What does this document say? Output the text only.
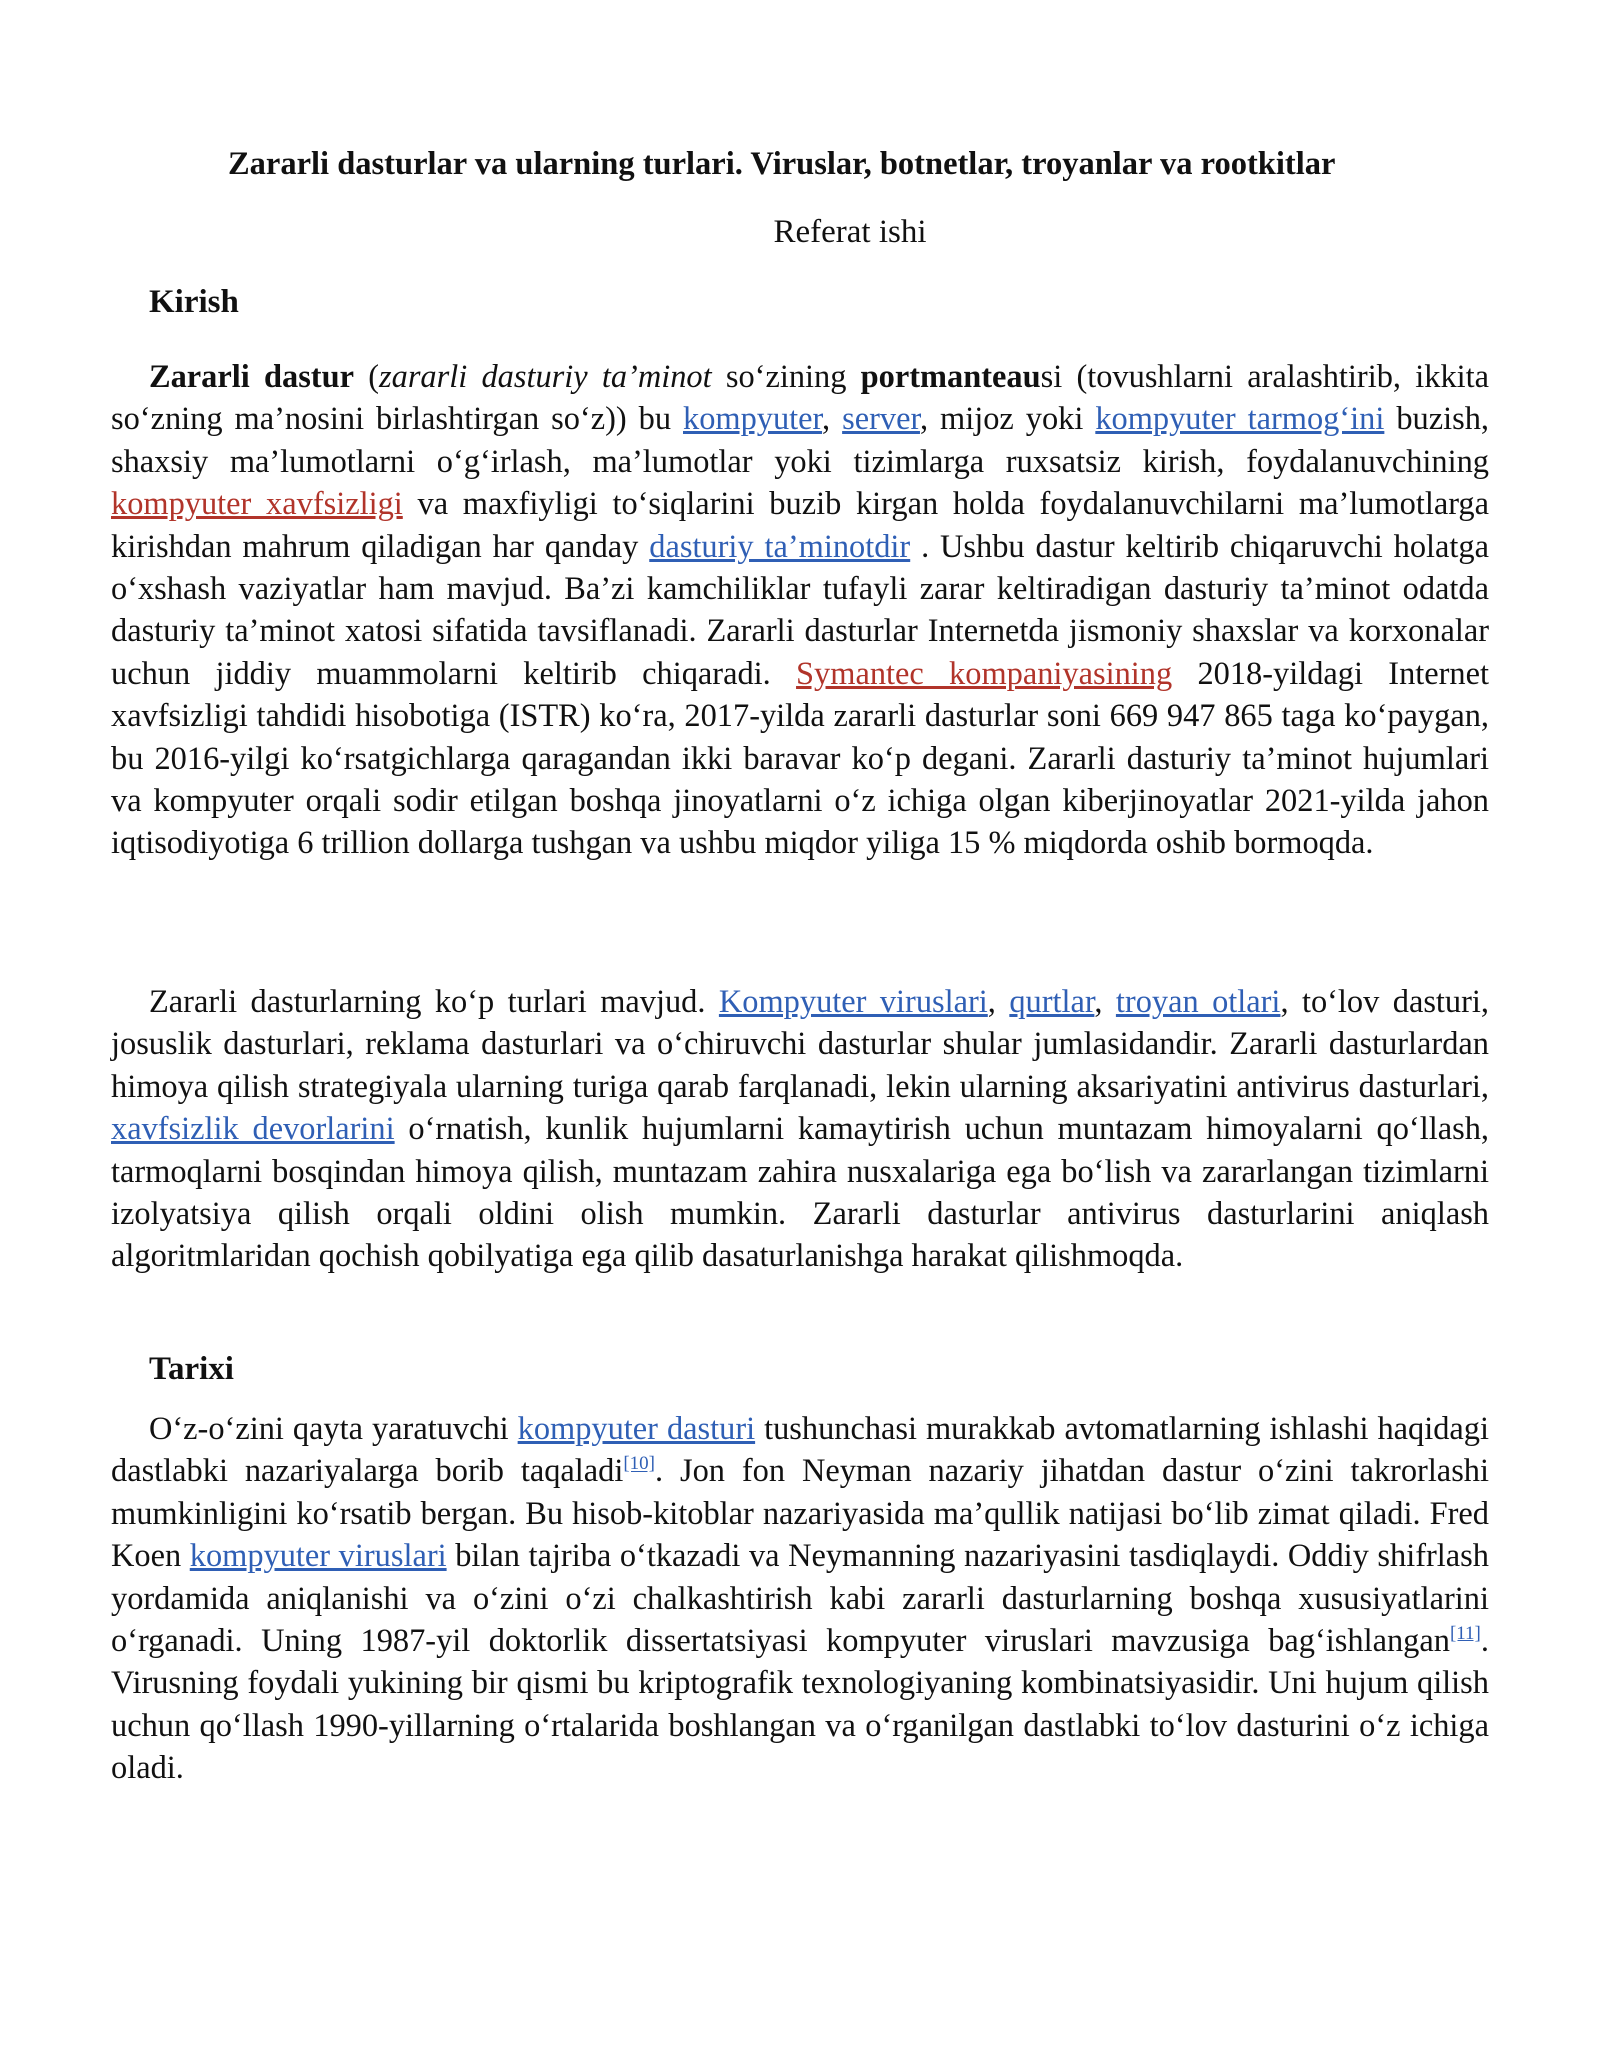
Zararli dasturlar va ularning turlari. Viruslar, botnetlar, troyanlar va rootkitlar
Referat ishi
Kirish

Zararli dastur (zararli dasturiy ta’minot so‘zining portmanteausi (tovushlarni aralashtirib, ikkita so‘zning ma’nosini birlashtirgan so‘z)) bu kompyuter, server, mijoz yoki kompyuter tarmog‘ini buzish, shaxsiy ma’lumotlarni o‘g‘irlash, ma’lumotlar yoki tizimlarga ruxsatsiz kirish, foydalanuvchining kompyuter xavfsizligi va maxfiyligi to‘siqlarini buzib kirgan holda foydalanuvchilarni ma’lumotlarga kirishdan mahrum qiladigan har qanday dasturiy ta’minotdir . Ushbu dastur keltirib chiqaruvchi holatga o‘xshash vaziyatlar ham mavjud. Ba’zi kamchiliklar tufayli zarar keltiradigan dasturiy ta’minot odatda dasturiy ta’minot xatosi sifatida tavsiflanadi. Zararli dasturlar Internetda jismoniy shaxslar va korxonalar uchun jiddiy muammolarni keltirib chiqaradi. Symantec kompaniyasining 2018-yildagi Internet xavfsizligi tahdidi hisobotiga (ISTR) ko‘ra, 2017-yilda zararli dasturlar soni 669 947 865 taga ko‘paygan, bu 2016-yilgi ko‘rsatgichlarga qaragandan ikki baravar ko‘p degani. Zararli dasturiy ta’minot hujumlari va kompyuter orqali sodir etilgan boshqa jinoyatlarni o‘z ichiga olgan kiberjinoyatlar 2021-yilda jahon iqtisodiyotiga 6 trillion dollarga tushgan va ushbu miqdor yiliga 15 % miqdorda oshib bormoqda.

Zararli dasturlarning ko‘p turlari mavjud. Kompyuter viruslari, qurtlar, troyan otlari, to‘lov dasturi, josuslik dasturlari, reklama dasturlari va o‘chiruvchi dasturlar shular jumlasidandir. Zararli dasturlardan himoya qilish strategiyala ularning turiga qarab farqlanadi, lekin ularning aksariyatini antivirus dasturlari, xavfsizlik devorlarini o‘rnatish, kunlik hujumlarni kamaytirish uchun muntazam himoyalarni qo‘llash, tarmoqlarni bosqindan himoya qilish, muntazam zahira nusxalariga ega bo‘lish va zararlangan tizimlarni izolyatsiya qilish orqali oldini olish mumkin. Zararli dasturlar antivirus dasturlarini aniqlash algoritmlaridan qochish qobilyatiga ega qilib dasaturlanishga harakat qilishmoqda.

Tarixi

O‘z-o‘zini qayta yaratuvchi kompyuter dasturi tushunchasi murakkab avtomatlarning ishlashi haqidagi dastlabki nazariyalarga borib taqaladi[10]. Jon fon Neyman nazariy jihatdan dastur o‘zini takrorlashi mumkinligini ko‘rsatib bergan. Bu hisob-kitoblar nazariyasida ma’qullik natijasi bo‘lib zimat qiladi. Fred Koen kompyuter viruslari bilan tajriba o‘tkazadi va Neymanning nazariyasini tasdiqlaydi. Oddiy shifrlash yordamida aniqlanishi va o‘zini o‘zi chalkashtirish kabi zararli dasturlarning boshqa xususiyatlarini o‘rganadi. Uning 1987-yil doktorlik dissertatsiyasi kompyuter viruslari mavzusiga bag‘ishlangan[11]. Virusning foydali yukining bir qismi bu kriptografik texnologiyaning kombinatsiyasidir. Uni hujum qilish uchun qo‘llash 1990-yillarning o‘rtalarida boshlangan va o‘rganilgan dastlabki to‘lov dasturini o‘z ichiga oladi.
